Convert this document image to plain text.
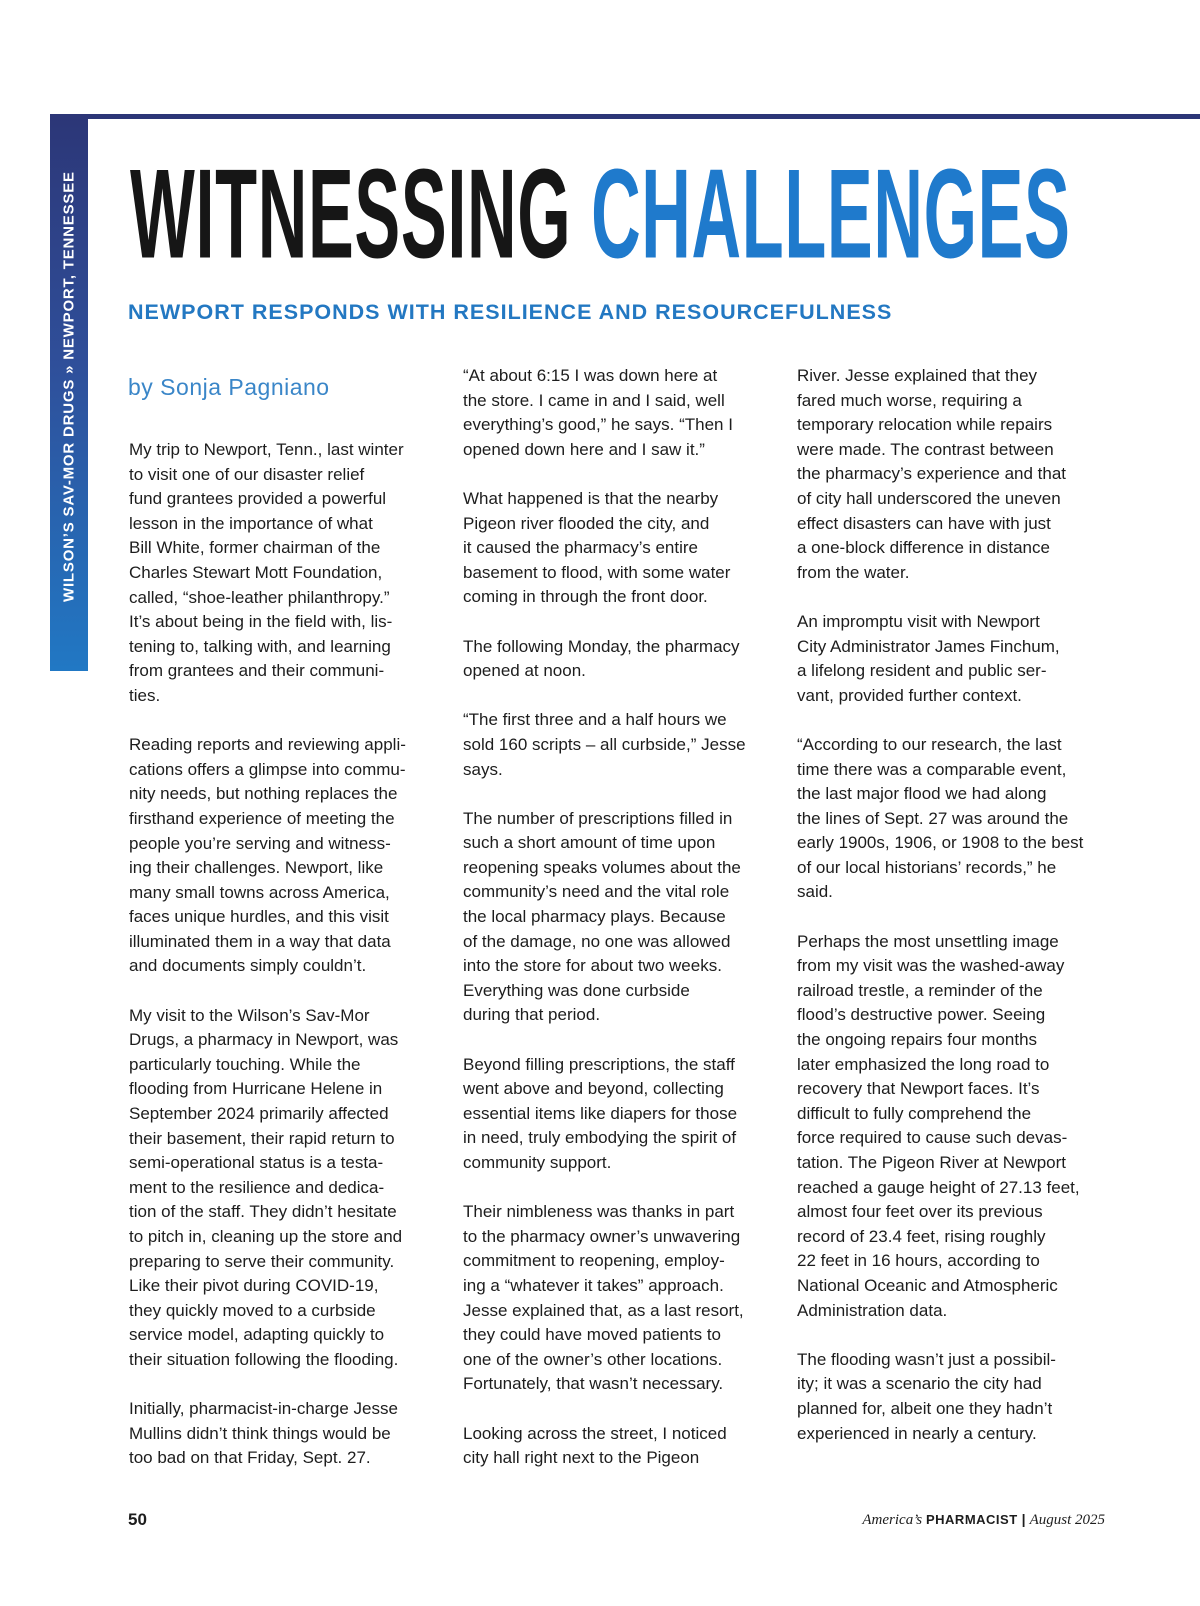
WILSON’S SAV-MOR DRUGS » NEWPORT, TENNESSEE WITNESSING CHALLENGES
NEWPORT RESPONDS WITH RESILIENCE AND RESOURCEFULNESS
by Sonja Pagniano

My trip to Newport, Tenn., last winter
to visit one of our disaster relief
fund grantees provided a powerful
lesson in the importance of what
Bill White, former chairman of the
Charles Stewart Mott Foundation,
called, “shoe-leather philanthropy.”
It’s about being in the field with, lis-
tening to, talking with, and learning
from grantees and their communi-
ties.

Reading reports and reviewing appli-
cations offers a glimpse into commu-
nity needs, but nothing replaces the
firsthand experience of meeting the
people you’re serving and witness-
ing their challenges. Newport, like
many small towns across America,
faces unique hurdles, and this visit
illuminated them in a way that data
and documents simply couldn’t.

My visit to the Wilson’s Sav-Mor
Drugs, a pharmacy in Newport, was
particularly touching. While the
flooding from Hurricane Helene in
September 2024 primarily affected
their basement, their rapid return to
semi-operational status is a testa-
ment to the resilience and dedica-
tion of the staff. They didn’t hesitate
to pitch in, cleaning up the store and
preparing to serve their community.
Like their pivot during COVID-19,
they quickly moved to a curbside
service model, adapting quickly to
their situation following the flooding.

Initially, pharmacist-in-charge Jesse
Mullins didn’t think things would be
too bad on that Friday, Sept. 27.

“At about 6:15 I was down here at
the store. I came in and I said, well
everything’s good,” he says. “Then I
opened down here and I saw it.”

What happened is that the nearby
Pigeon river flooded the city, and
it caused the pharmacy’s entire
basement to flood, with some water
coming in through the front door.

The following Monday, the pharmacy
opened at noon.

“The first three and a half hours we
sold 160 scripts – all curbside,” Jesse
says.

The number of prescriptions filled in
such a short amount of time upon
reopening speaks volumes about the
community’s need and the vital role
the local pharmacy plays. Because
of the damage, no one was allowed
into the store for about two weeks.
Everything was done curbside
during that period.

Beyond filling prescriptions, the staff
went above and beyond, collecting
essential items like diapers for those
in need, truly embodying the spirit of
community support.

Their nimbleness was thanks in part
to the pharmacy owner’s unwavering
commitment to reopening, employ-
ing a “whatever it takes” approach.
Jesse explained that, as a last resort,
they could have moved patients to
one of the owner’s other locations.
Fortunately, that wasn’t necessary.

Looking across the street, I noticed
city hall right next to the Pigeon

River. Jesse explained that they
fared much worse, requiring a
temporary relocation while repairs
were made. The contrast between
the pharmacy’s experience and that
of city hall underscored the uneven
effect disasters can have with just
a one-block difference in distance
from the water.

An impromptu visit with Newport
City Administrator James Finchum,
a lifelong resident and public ser-
vant, provided further context.

“According to our research, the last
time there was a comparable event,
the last major flood we had along
the lines of Sept. 27 was around the
early 1900s, 1906, or 1908 to the best
of our local historians’ records,” he
said.

Perhaps the most unsettling image
from my visit was the washed-away
railroad trestle, a reminder of the
flood’s destructive power. Seeing
the ongoing repairs four months
later emphasized the long road to
recovery that Newport faces. It’s
difficult to fully comprehend the
force required to cause such devas-
tation. The Pigeon River at Newport
reached a gauge height of 27.13 feet,
almost four feet over its previous
record of 23.4 feet, rising roughly
22 feet in 16 hours, according to
National Oceanic and Atmospheric
Administration data.

The flooding wasn’t just a possibil-
ity; it was a scenario the city had
planned for, albeit one they hadn’t
experienced in nearly a century.

50	America’s PHARMACIST | August 2025
